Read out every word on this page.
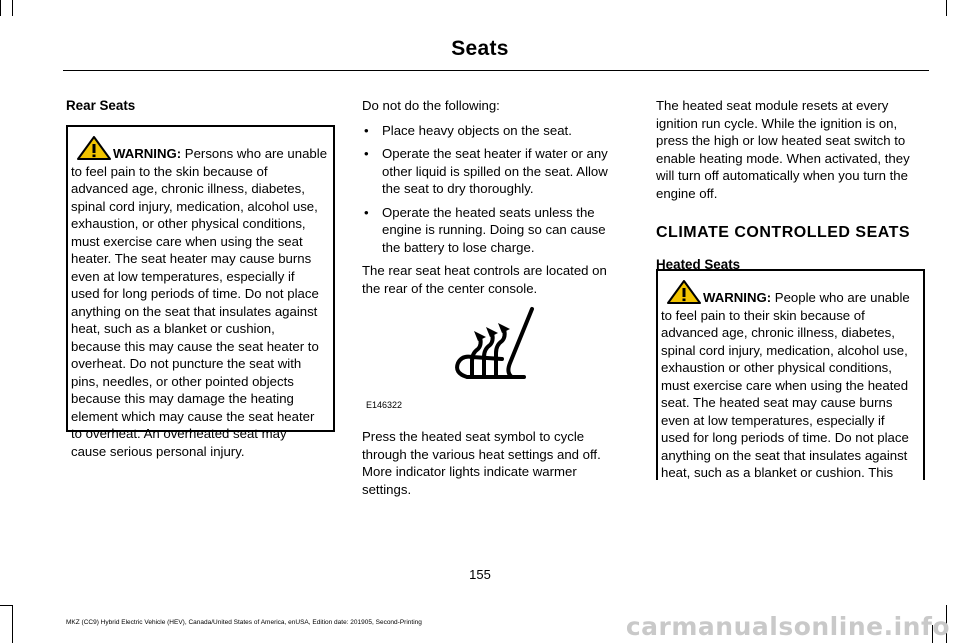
Seats

Rear Seats

WARNING: Persons who are unable
to feel pain to the skin because of
advanced age, chronic illness, diabetes,
spinal cord injury, medication, alcohol use,
exhaustion, or other physical conditions,
must exercise care when using the seat
heater. The seat heater may cause burns
even at low temperatures, especially if
used for long periods of time. Do not place
anything on the seat that insulates against
heat, such as a blanket or cushion,
because this may cause the seat heater to
overheat. Do not puncture the seat with
pins, needles, or other pointed objects
because this may damage the heating
element which may cause the seat heater
to overheat. An overheated seat may
cause serious personal injury.

Do not do the following:

• Place heavy objects on the seat.
• Operate the seat heater if water or any
other liquid is spilled on the seat. Allow
the seat to dry thoroughly.
• Operate the heated seats unless the
engine is running. Doing so can cause
the battery to lose charge.
The rear seat heat controls are located on
the rear of the center console.
E146322
Press the heated seat symbol to cycle
through the various heat settings and off.
More indicator lights indicate warmer
settings.
The heated seat module resets at every
ignition run cycle. While the ignition is on,
press the high or low heated seat switch to
enable heating mode. When activated, they
will turn off automatically when you turn the
engine off.

CLIMATE CONTROLLED SEATS

Heated Seats

WARNING: People who are unable
to feel pain to their skin because of
advanced age, chronic illness, diabetes,
spinal cord injury, medication, alcohol use,
exhaustion or other physical conditions,
must exercise care when using the heated
seat. The heated seat may cause burns
even at low temperatures, especially if
used for long periods of time. Do not place
anything on the seat that insulates against
heat, such as a blanket or cushion. This
155
MKZ (CC9) Hybrid Electric Vehicle (HEV), Canada/United States of America, enUSA, Edition date: 201905, Second-Printing	carmanualsonline.info
